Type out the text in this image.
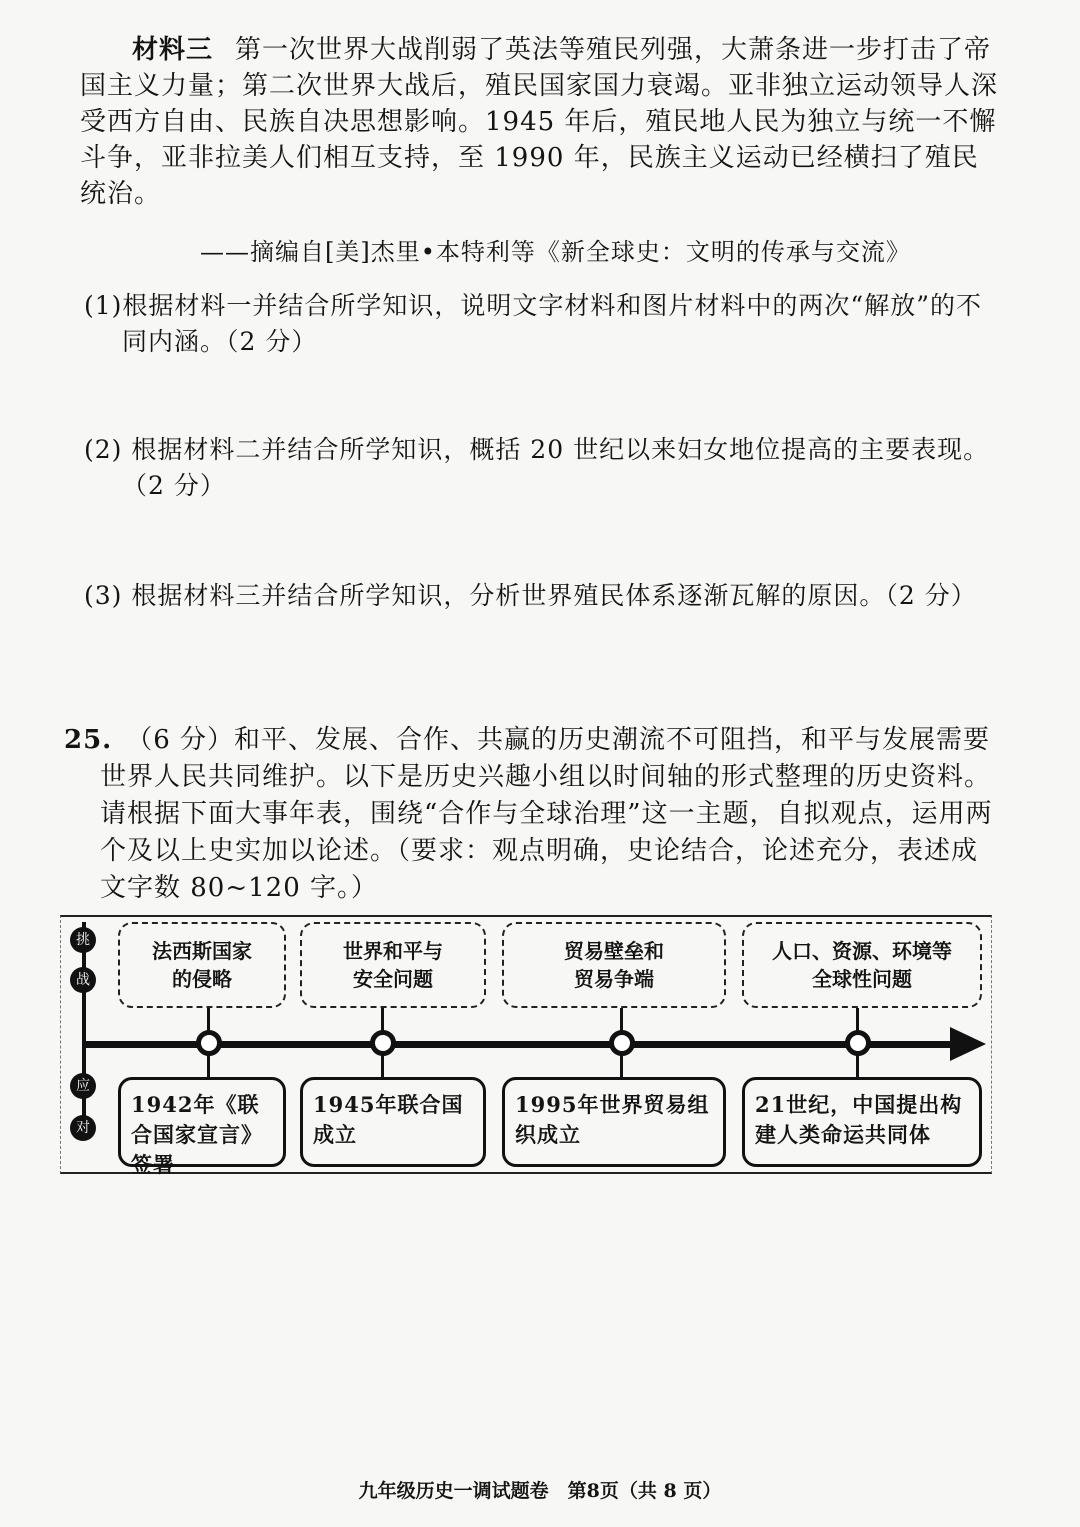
材料三 第一次世界大战削弱了英法等殖民列强，大萧条进一步打击了帝国主义力量；第二次世界大战后，殖民国家国力衰竭。亚非独立运动领导人深受西方自由、民族自决思想影响。1945 年后，殖民地人民为独立与统一不懈斗争，亚非拉美人们相互支持，至 1990 年，民族主义运动已经横扫了殖民统治。

——摘编自[美]杰里•本特利等《新全球史：文明的传承与交流》

(1)根据材料一并结合所学知识，说明文字材料和图片材料中的两次“解放”的不同内涵。（2 分）

(2) 根据材料二并结合所学知识，概括 20 世纪以来妇女地位提高的主要表现。（2 分）

(3) 根据材料三并结合所学知识，分析世界殖民体系逐渐瓦解的原因。（2 分）

25. （6 分）和平、发展、合作、共赢的历史潮流不可阻挡，和平与发展需要世界人民共同维护。以下是历史兴趣小组以时间轴的形式整理的历史资料。请根据下面大事年表，围绕“合作与全球治理”这一主题，自拟观点，运用两个及以上史实加以论述。（要求：观点明确，史论结合，论述充分，表述成文字数 80~120 字。）

挑
战
应
对
法西斯国家
的侵略
世界和平与
安全问题
贸易壁垒和
贸易争端
人口、资源、环境等
全球性问题
1942年《联合国家宣言》签署
1945年联合国成立
1995年世界贸易组织成立
21世纪，中国提出构建人类命运共同体
九年级历史一调试题卷　第8页（共 8 页）
